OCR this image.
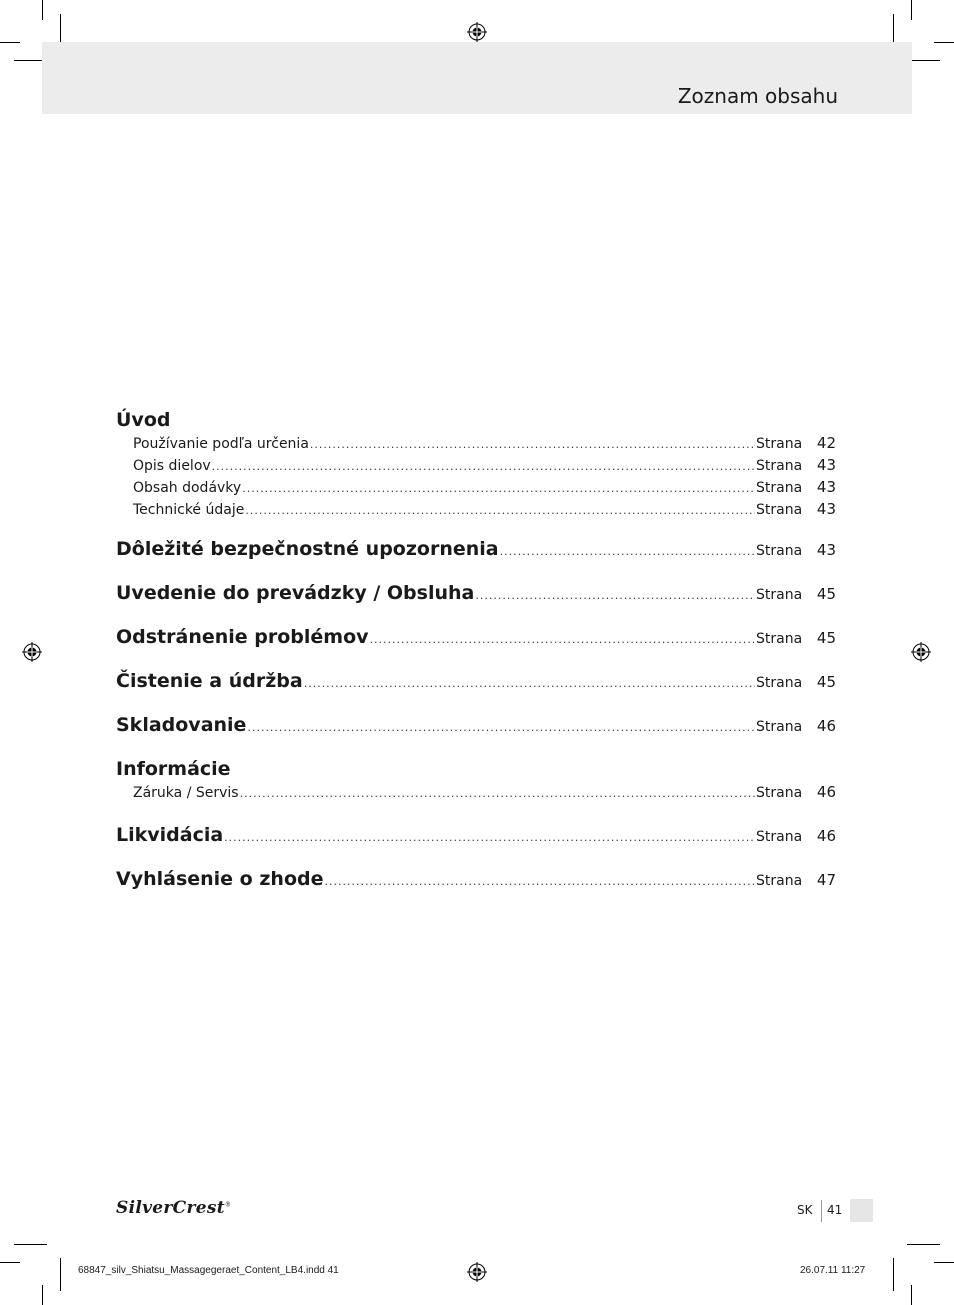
Zoznam obsahu
Úvod
Používanie podľa určenia .....	Strana 42
Opis dielov .....	Strana 43
Obsah dodávky .....	Strana 43
Technické údaje .....	Strana 43
Dôležité bezpečnostné upozornenia .....	Strana 43
Uvedenie do prevádzky / Obsluha .....	Strana 45
Odstránenie problémov .....	Strana 45
Čistenie a údržba .....	Strana 45
Skladovanie .....	Strana 46
Informácie
Záruka / Servis .....	Strana 46
Likvidácia .....	Strana 46
Vyhlásenie o zhode .....	Strana 47
SilverCrest®	SK 41
68847_silv_Shiatsu_Massagegeraet_Content_LB4.indd 41	26.07.11 11:27
